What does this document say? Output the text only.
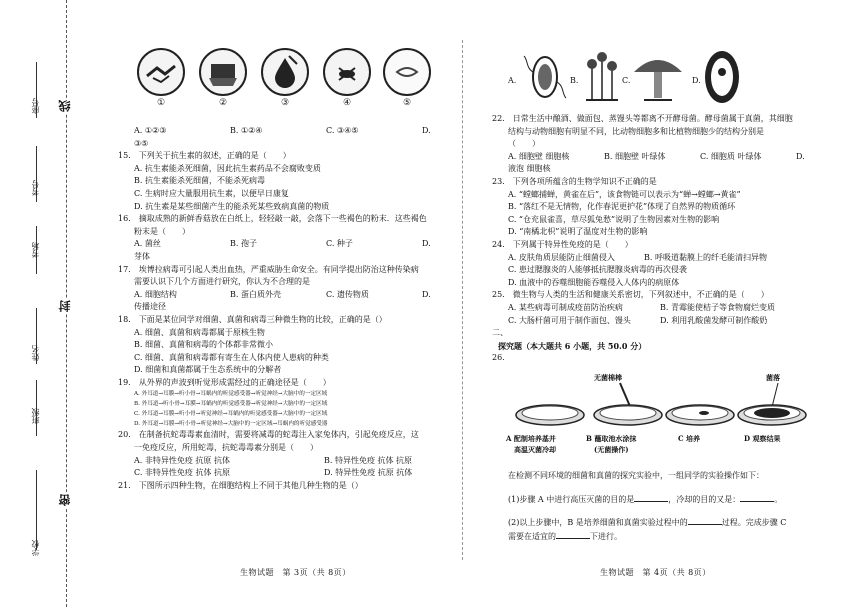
座号
考号
考场
姓名
班级
学校
线
封
密
①	②	③	④	⑤
A. ①②③	B. ①②④	C. ③④⑤	D.
③⑤
15.　下列关于抗生素的叙述，正确的是（　　）
A. 抗生素能杀死细菌，因此抗生素药品不会腐败变质
B. 抗生素能杀死细菌，不能杀死病毒
C. 生病时应大量服用抗生素，以便早日康复
D. 抗生素是某些细菌产生的能杀死某些致病真菌的物质
16.　摘取成熟的新鲜香菇放在白纸上，轻轻敲一敲，会落下一些褐色的粉末．这些褐色
粉末是（　　）
A. 菌丝	B. 孢子	C. 种子	D.
芽体
17.　埃博拉病毒可引起人类出血热，严重威胁生命安全。有同学提出防治这种传染病
需要认识下几个方面进行研究，你认为不合理的是
A. 细胞结构	B. 蛋白质外壳	C. 遗传物质	D.
传播途径
18.　下面是某位同学对细菌、真菌和病毒三种微生物的比较，正确的是（）
A. 细菌、真菌和病毒都属于原核生物
B. 细菌、真菌和病毒的个体都非常微小
C. 细菌、真菌和病毒都有寄生在人体内使人患病的种类
D. 细菌和真菌都属于生态系统中的分解者
19.　从外界的声波到听觉形成需经过的正确途径是（　　）
A. 外耳道→耳膜→听小骨→耳蜗内的听觉感受器→听觉神经→大脑中的一定区域
B. 外耳道→听小骨→耳膜→耳蜗内的听觉感受器→听觉神经→大脑中的一定区域
C. 外耳道→耳膜→听小骨→听觉神经→耳蜗内的听觉感受器→大脑中的一定区域
D. 外耳道→耳膜→听小骨→听觉神经→大脑中的一定区域→耳蜗内的听觉感受器
20.　在制备抗蛇毒毒素血清时，需要将减毒的蛇毒注入家兔体内，引起免疫反应，这
一免疫反应，所用蛇毒，抗蛇毒毒素分别是（　　）
A. 非特异性免疫 抗原 抗体	B. 特异性免疫 抗体 抗原
C. 非特异性免疫 抗体 抗原	D. 特异性免疫 抗原 抗体
21.　下图所示四种生物，在细胞结构上不同于其他几种生物的是（）
A.	B.	C.	D.
22.　日常生活中酿酒、做面包、蒸馒头等都离不开酵母菌。酵母菌属于真菌，其细胞
结构与动物细胞有明显不同，比动物细胞多和比植物细胞少的结构分别是
（　　）
A. 细胞壁 细胞核	B. 细胞壁 叶绿体	C. 细胞质 叶绿体	D.
液泡 细胞核
23.　下列各项所蕴含的生物学知识不正确的是
A. “螳螂捕蝉，黄雀在后”，该食物链可以表示为“蝉→螳螂→黄雀”
B. “落红不是无情物，化作春泥更护花”体现了自然界的物质循环
C. “仓充鼠雀喜，草尽狐兔愁”说明了生物因素对生物的影响
D. “南橘北枳”说明了温度对生物的影响
24.　下列属于特异性免疫的是（　　）
A. 皮肤角质层能防止细菌侵入	B. 呼吸道黏膜上的纤毛能清扫异物
C. 患过腮腺炎的人能够抵抗腮腺炎病毒的再次侵袭
D. 血液中的吞噬细胞能吞噬侵入人体内的病原体
25.　微生物与人类的生活和健康关系密切，下列叙述中，不正确的是（　　）
A. 某些病毒可制成疫苗防治疾病	B. 青霉能使桔子等食物腐烂变质
C. 大肠杆菌可用于制作面包、馒头	D. 利用乳酸菌发酵可制作酸奶
二、
探究题（本大题共 6 小题，共 50.0 分）
26.
无菌棉棒	菌落
A 配制培养基并
高温灭菌冷却
B 蘸取池水涂抹
(无菌操作)
C 培养	D 观察结果
在检测不同环境的细菌和真菌的探究实验中，一组同学的实验操作如下：
(1)步骤 A 中进行高压灭菌的目的是	，冷却的目的又是：	。
(2)以上步骤中，B 是培养细菌和真菌实验过程中的	过程。完成步骤 C
需要在适宜的	下进行。
生物试题　第 3页（共 8页）	生物试题　第 4页（共 8页）
